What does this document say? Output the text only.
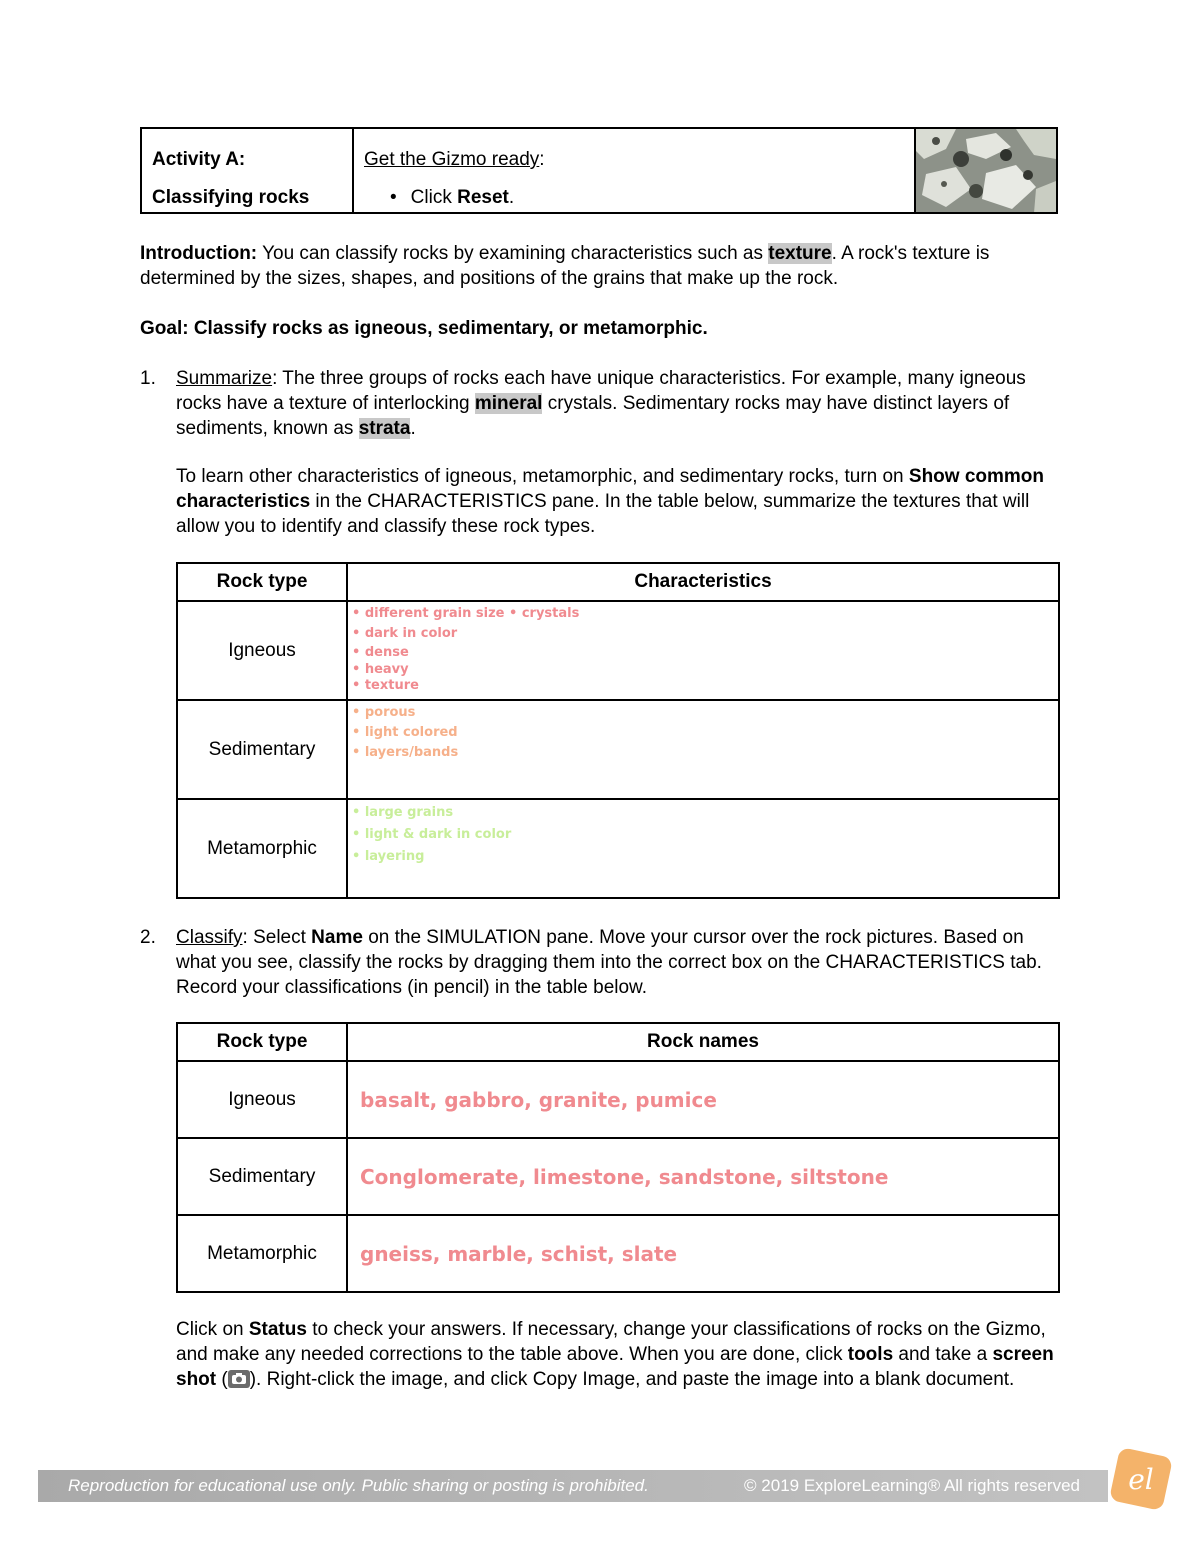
Activity A:
Classifying rocks
Get the Gizmo ready:
• Click Reset.
Introduction: You can classify rocks by examining characteristics such as texture. A rock's texture is determined by the sizes, shapes, and positions of the grains that make up the rock.
Goal: Classify rocks as igneous, sedimentary, or metamorphic.
1. Summarize: The three groups of rocks each have unique characteristics. For example, many igneous rocks have a texture of interlocking mineral crystals. Sedimentary rocks may have distinct layers of sediments, known as strata.
To learn other characteristics of igneous, metamorphic, and sedimentary rocks, turn on Show common characteristics in the CHARACTERISTICS pane. In the table below, summarize the textures that will allow you to identify and classify these rock types.
Rock type	Characteristics
Igneous	• different grain size • crystals
• dark in color
• dense
• heavy
• texture

Sedimentary	• porous
• light colored
• layers/bands

Metamorphic	• large grains
• light & dark in color
• layering
2. Classify: Select Name on the SIMULATION pane. Move your cursor over the rock pictures. Based on what you see, classify the rocks by dragging them into the correct box on the CHARACTERISTICS tab. Record your classifications (in pencil) in the table below.
Rock type	Rock names
Igneous	basalt, gabbro, granite, pumice
Sedimentary	Conglomerate, limestone, sandstone, siltstone
Metamorphic	gneiss, marble, schist, slate
Click on Status to check your answers. If necessary, change your classifications of rocks on the Gizmo, and make any needed corrections to the table above. When you are done, click tools and take a screen shot ( ). Right-click the image, and click Copy Image, and paste the image into a blank document.
Reproduction for educational use only. Public sharing or posting is prohibited.	© 2019 ExploreLearning® All rights reserved el
